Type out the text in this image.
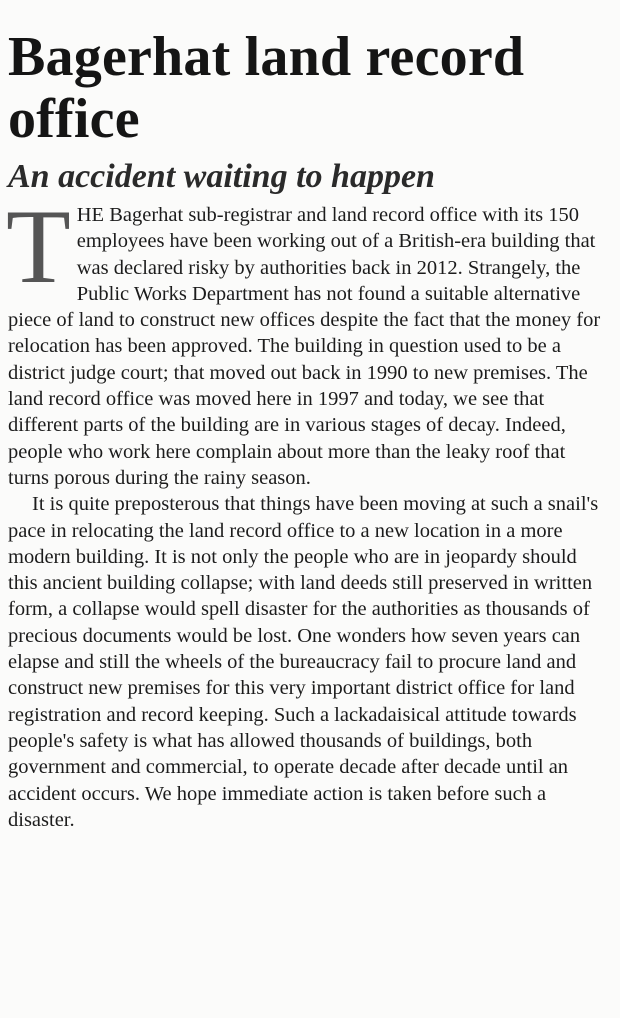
Bagerhat land record office
An accident waiting to happen

THE Bagerhat sub-registrar and land record office with its 150 employees have been working out of a British-era building that was declared risky by authorities back in 2012. Strangely, the Public Works Department has not found a suitable alternative piece of land to construct new offices despite the fact that the money for relocation has been approved. The building in question used to be a district judge court; that moved out back in 1990 to new premises. The land record office was moved here in 1997 and today, we see that different parts of the building are in various stages of decay. Indeed, people who work here complain about more than the leaky roof that turns porous during the rainy season.

It is quite preposterous that things have been moving at such a snail's pace in relocating the land record office to a new location in a more modern building. It is not only the people who are in jeopardy should this ancient building collapse; with land deeds still preserved in written form, a collapse would spell disaster for the authorities as thousands of precious documents would be lost. One wonders how seven years can elapse and still the wheels of the bureaucracy fail to procure land and construct new premises for this very important district office for land registration and record keeping. Such a lackadaisical attitude towards people's safety is what has allowed thousands of buildings, both government and commercial, to operate decade after decade until an accident occurs. We hope immediate action is taken before such a disaster.
